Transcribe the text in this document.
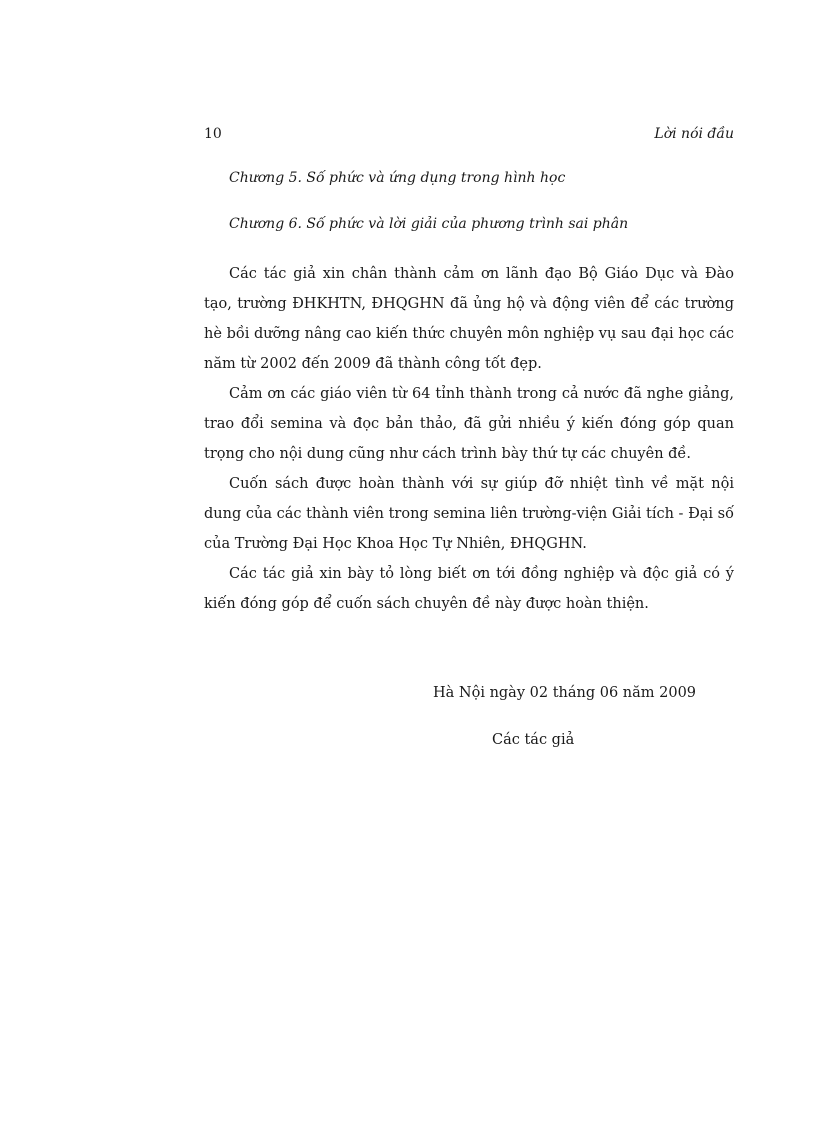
10	Lời nói đầu
Chương 5. Số phức và ứng dụng trong hình học
Chương 6. Số phức và lời giải của phương trình sai phân

Các tác giả xin chân thành cảm ơn lãnh đạo Bộ Giáo Dục và Đào tạo, trường ĐHKHTN, ĐHQGHN đã ủng hộ và động viên để các trường hè bồi dưỡng nâng cao kiến thức chuyên môn nghiệp vụ sau đại học các năm từ 2002 đến 2009 đã thành công tốt đẹp.

Cảm ơn các giáo viên từ 64 tỉnh thành trong cả nước đã nghe giảng, trao đổi semina và đọc bản thảo, đã gửi nhiều ý kiến đóng góp quan trọng cho nội dung cũng như cách trình bày thứ tự các chuyên đề.

Cuốn sách được hoàn thành với sự giúp đỡ nhiệt tình về mặt nội dung của các thành viên trong semina liên trường-viện Giải tích - Đại số của Trường Đại Học Khoa Học Tự Nhiên, ĐHQGHN.

Các tác giả xin bày tỏ lòng biết ơn tới đồng nghiệp và độc giả có ý kiến đóng góp để cuốn sách chuyên đề này được hoàn thiện.

Hà Nội ngày 02 tháng 06 năm 2009
Các tác giả
